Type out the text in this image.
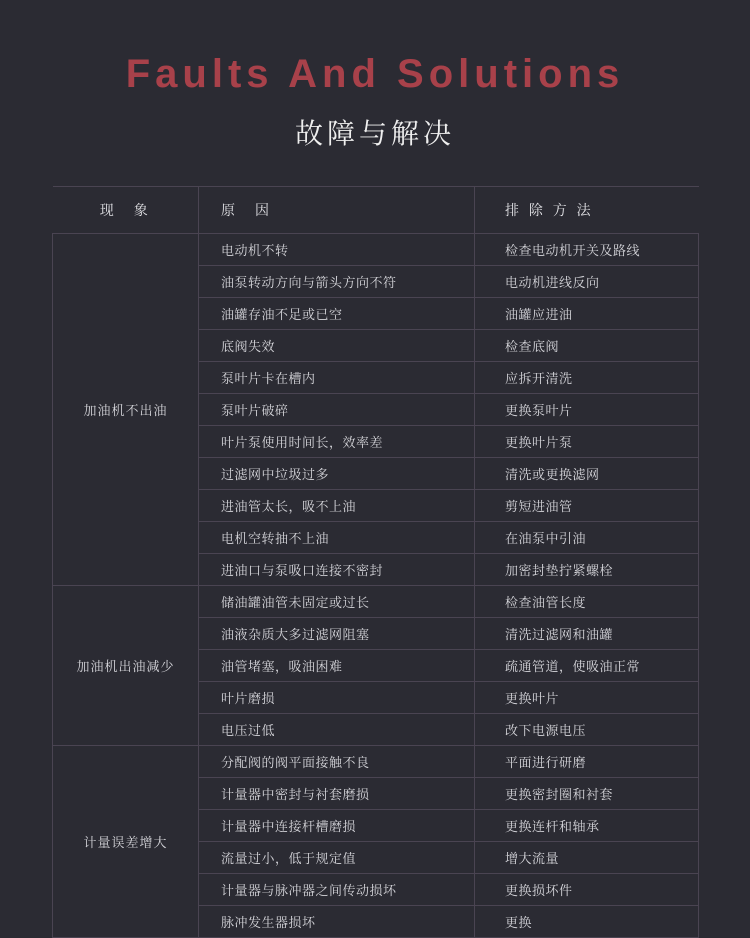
Faults And Solutions
故障与解决
现　象	原　因	排 除 方 法
加油机不出油	电动机不转	检查电动机开关及路线
	油泵转动方向与箭头方向不符	电动机进线反向
	油罐存油不足或已空	油罐应进油
	底阀失效	检查底阀
	泵叶片卡在槽内	应拆开清洗
	泵叶片破碎	更换泵叶片
	叶片泵使用时间长，效率差	更换叶片泵
	过滤网中垃圾过多	清洗或更换滤网
	进油管太长，吸不上油	剪短进油管
	电机空转抽不上油	在油泵中引油
	进油口与泵吸口连接不密封	加密封垫拧紧螺栓
加油机出油减少	储油罐油管未固定或过长	检查油管长度
	油液杂质大多过滤网阻塞	清洗过滤网和油罐
	油管堵塞，吸油困难	疏通管道，使吸油正常
	叶片磨损	更换叶片
	电压过低	改下电源电压
计量误差增大	分配阀的阀平面接触不良	平面进行研磨
	计量器中密封与衬套磨损	更换密封圈和衬套
	计量器中连接杆槽磨损	更换连杆和轴承
	流量过小，低于规定值	增大流量
	计量器与脉冲器之间传动损坏	更换损坏件
	脉冲发生器损坏	更换
